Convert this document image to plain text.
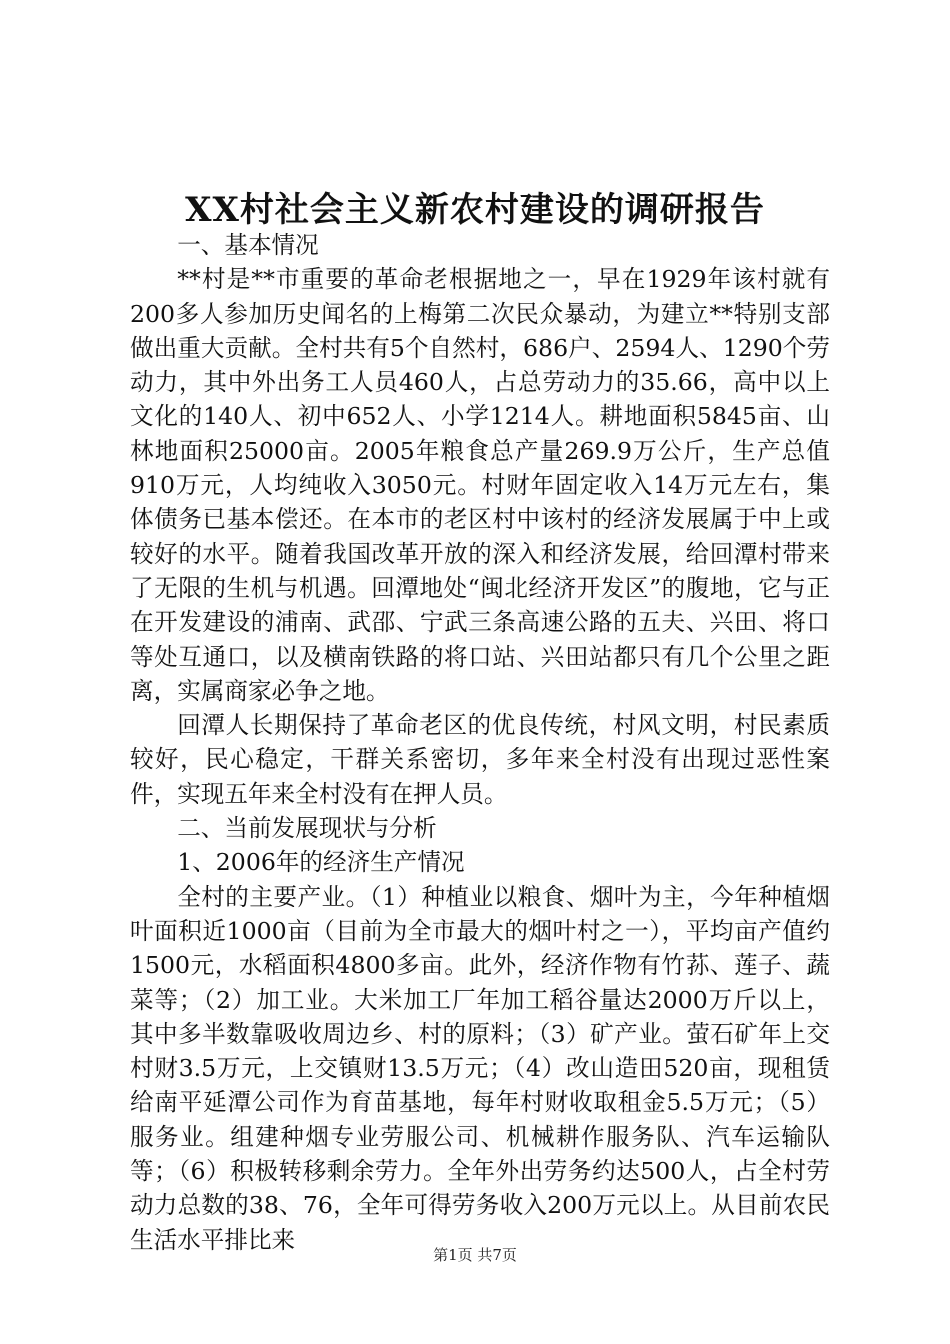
XX村社会主义新农村建设的调研报告

一、基本情况

**村是**市重要的革命老根据地之一，早在1929年该村就有200多人参加历史闻名的上梅第二次民众暴动，为建立**特别支部做出重大贡献。全村共有5个自然村，686户、2594人、1290个劳动力，其中外出务工人员460人，占总劳动力的35.66，高中以上文化的140人、初中652人、小学1214人。耕地面积5845亩、山林地面积25000亩。2005年粮食总产量269.9万公斤，生产总值910万元，人均纯收入3050元。村财年固定收入14万元左右，集体债务已基本偿还。在本市的老区村中该村的经济发展属于中上或较好的水平。随着我国改革开放的深入和经济发展，给回潭村带来了无限的生机与机遇。回潭地处“闽北经济开发区”的腹地，它与正在开发建设的浦南、武邵、宁武三条高速公路的五夫、兴田、将口等处互通口，以及横南铁路的将口站、兴田站都只有几个公里之距离，实属商家必争之地。

回潭人长期保持了革命老区的优良传统，村风文明，村民素质较好，民心稳定，干群关系密切，多年来全村没有出现过恶性案件，实现五年来全村没有在押人员。

二、当前发展现状与分析

1、2006年的经济生产情况

全村的主要产业。（1）种植业以粮食、烟叶为主，今年种植烟叶面积近1000亩（目前为全市最大的烟叶村之一），平均亩产值约1500元，水稻面积4800多亩。此外，经济作物有竹荪、莲子、蔬菜等；（2）加工业。大米加工厂年加工稻谷量达2000万斤以上，其中多半数靠吸收周边乡、村的原料；（3）矿产业。萤石矿年上交村财3.5万元，上交镇财13.5万元；（4）改山造田520亩，现租赁给南平延潭公司作为育苗基地，每年村财收取租金5.5万元；（5）服务业。组建种烟专业劳服公司、机械耕作服务队、汽车运输队等；（6）积极转移剩余劳力。全年外出劳务约达500人，占全村劳动力总数的38、76，全年可得劳务收入200万元以上。从目前农民生活水平排比来

第1页 共7页
